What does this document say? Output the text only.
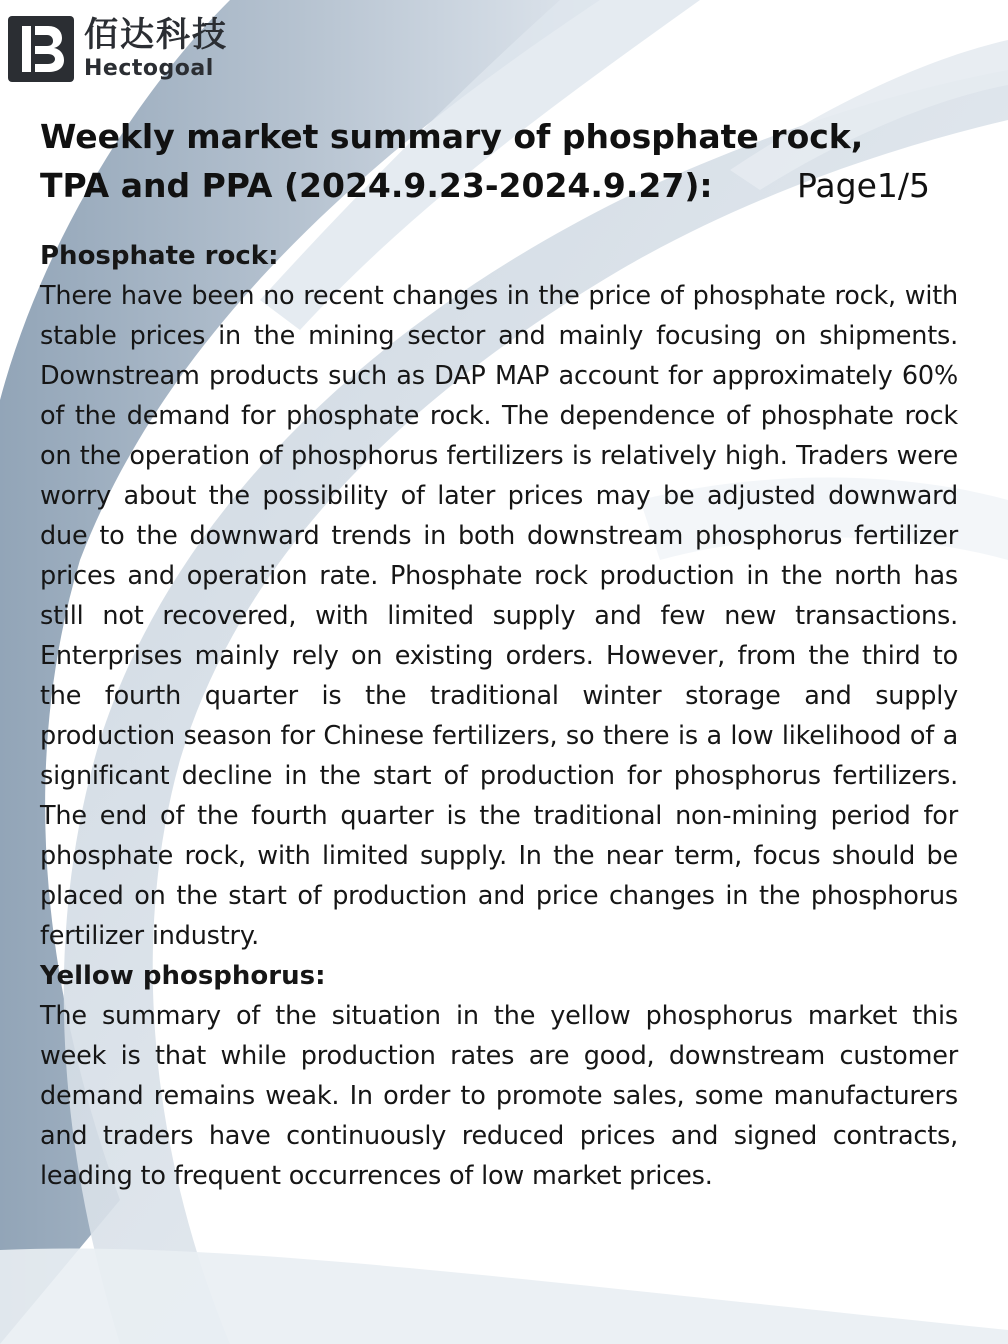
佰达科技
Hectogoal
Weekly market summary of phosphate rock, TPA and PPA (2024.9.23-2024.9.27):	Page1/5
Phosphate rock:
There have been no recent changes in the price of phosphate rock, with stable prices in the mining sector and mainly focusing on shipments. Downstream products such as DAP MAP account for approximately 60% of the demand for phosphate rock. The dependence of phosphate rock on the operation of phosphorus fertilizers is relatively high. Traders were worry about the possibility of later prices may be adjusted downward due to the downward trends in both downstream phosphorus fertilizer prices and operation rate. Phosphate rock production in the north has still not recovered, with limited supply and few new transactions. Enterprises mainly rely on existing orders. However, from the third to the fourth quarter is the traditional winter storage and supply production season for Chinese fertilizers, so there is a low likelihood of a significant decline in the start of production for phosphorus fertilizers. The end of the fourth quarter is the traditional non-mining period for phosphate rock, with limited supply. In the near term, focus should be placed on the start of production and price changes in the phosphorus fertilizer industry.
Yellow phosphorus:
The summary of the situation in the yellow phosphorus market this week is that while production rates are good, downstream customer demand remains weak. In order to promote sales, some manufacturers and traders have continuously reduced prices and signed contracts, leading to frequent occurrences of low market prices.
